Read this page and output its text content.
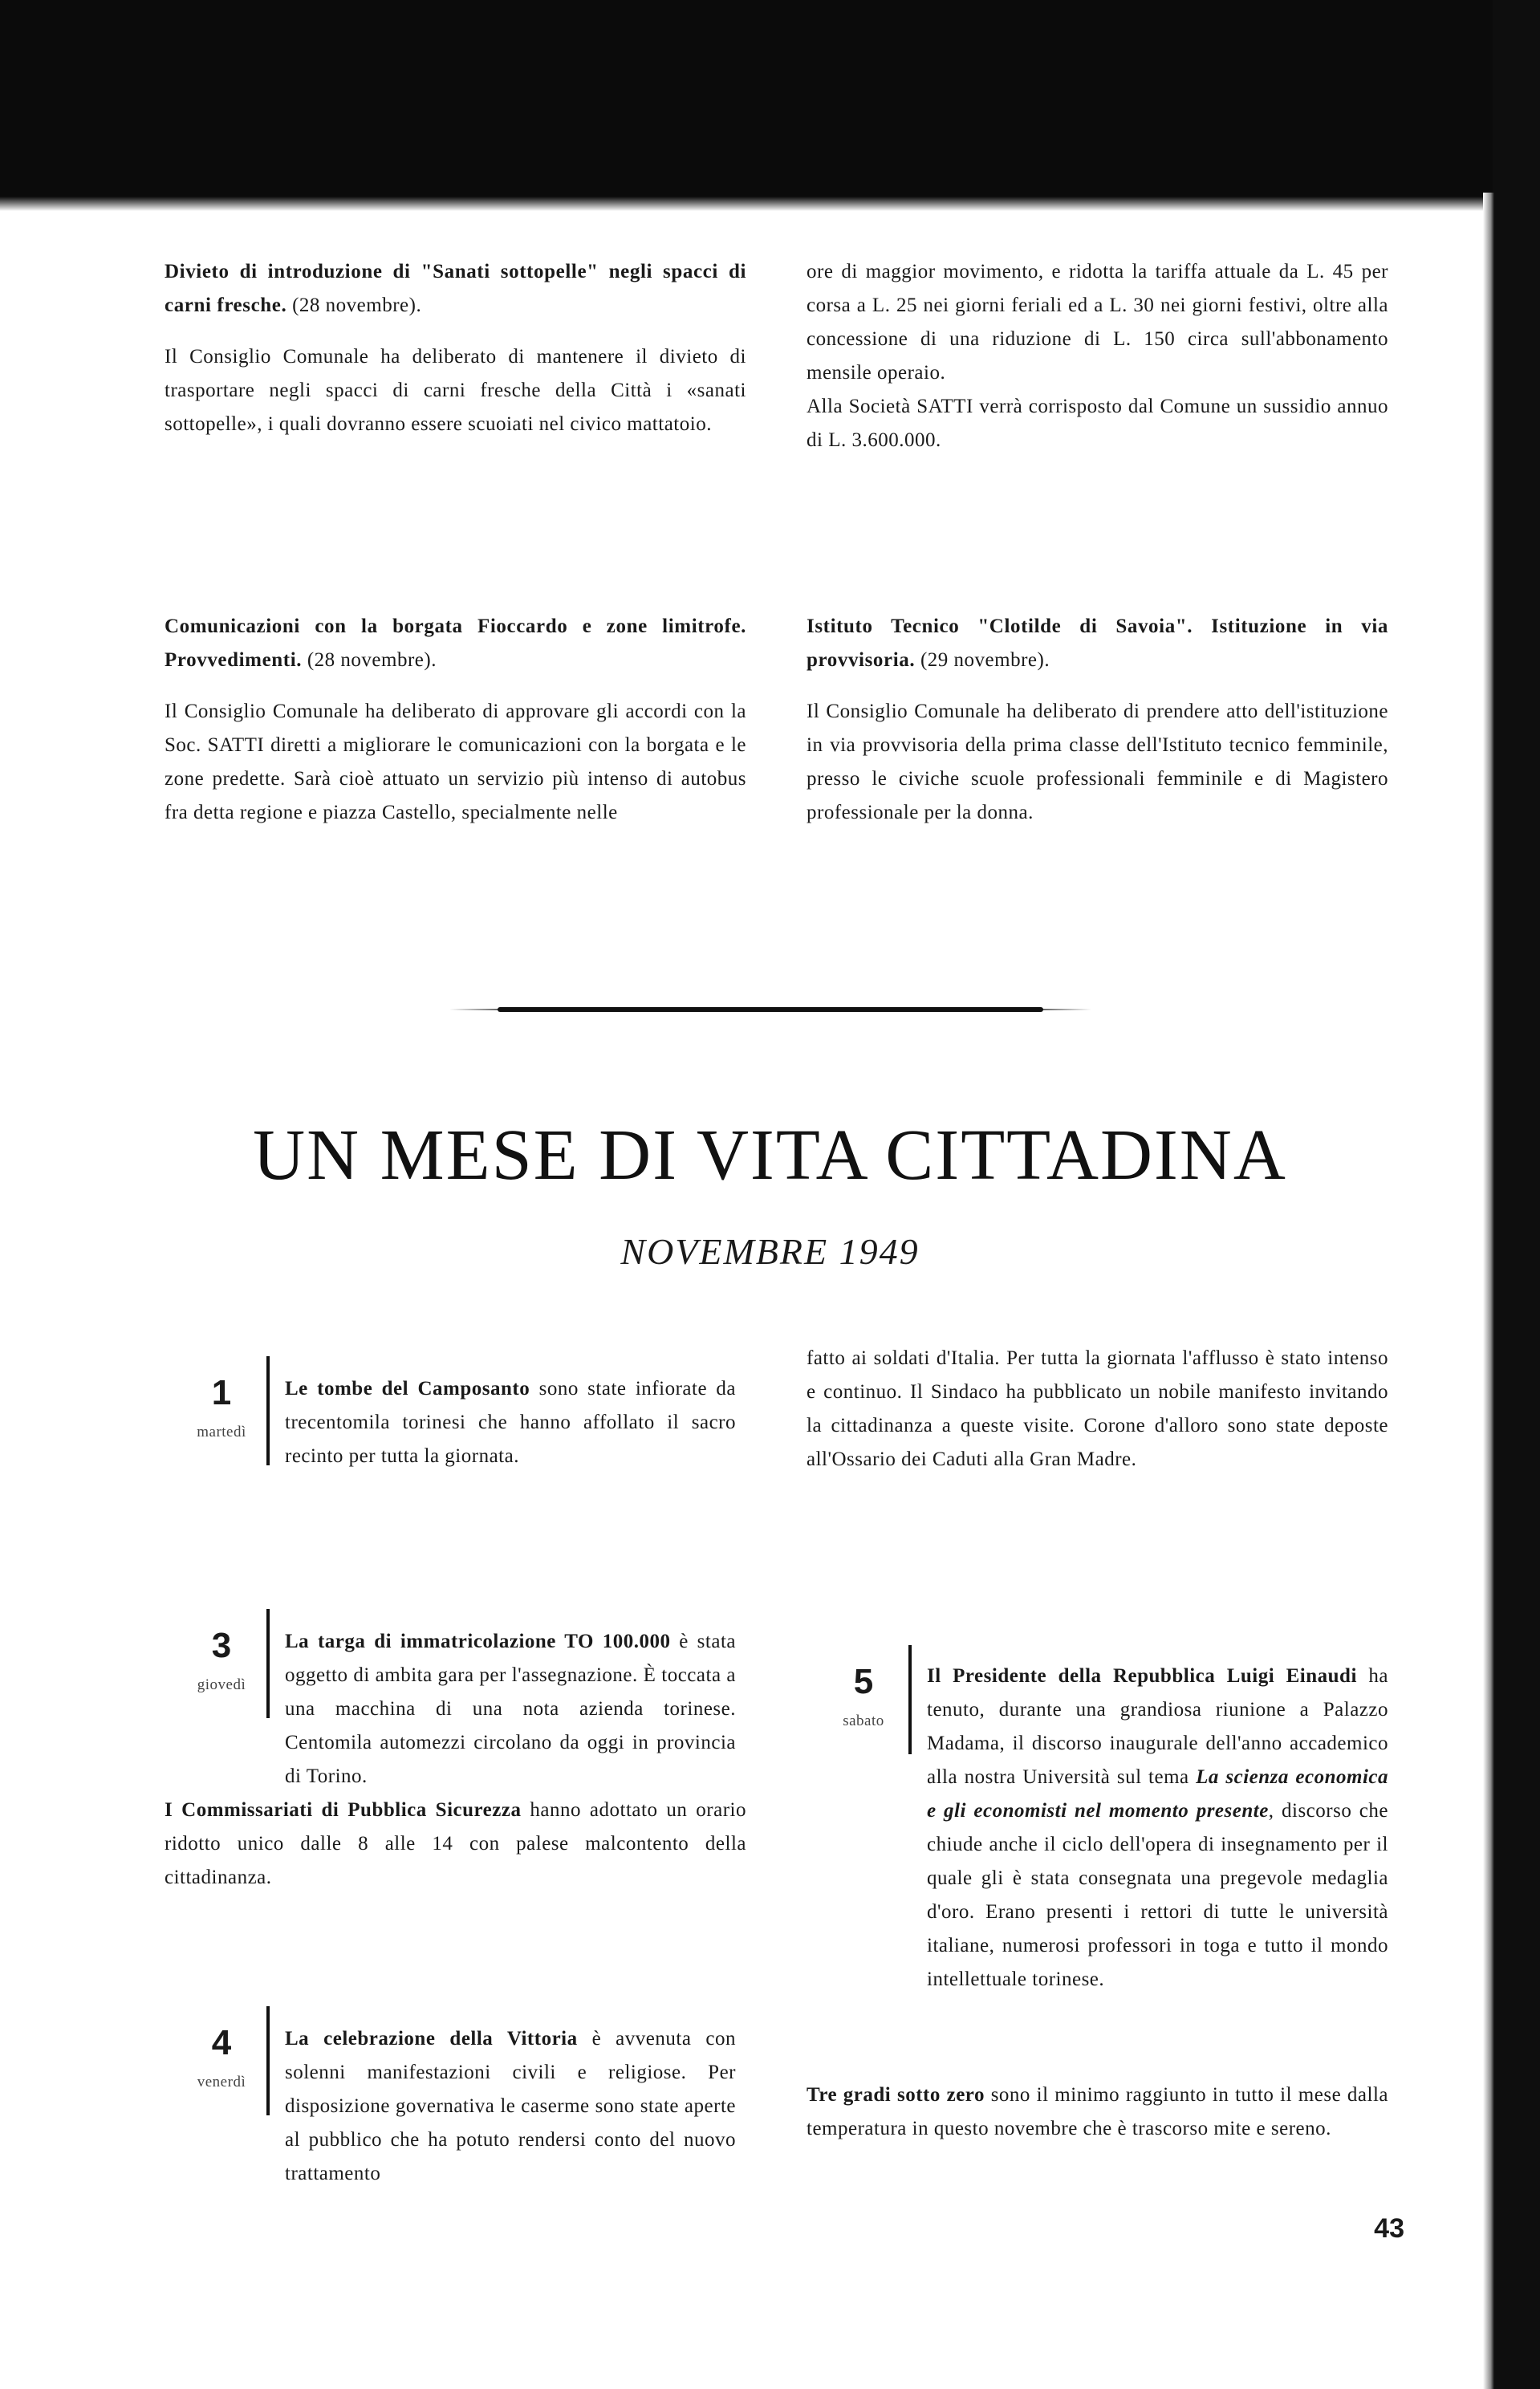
Divieto di introduzione di "Sanati sottopelle" negli spacci di carni fresche. (28 novembre).

Il Consiglio Comunale ha deliberato di mantenere il divieto di trasportare negli spacci di carni fresche della Città i «sanati sottopelle», i quali dovranno essere scuoiati nel civico mattatoio.

ore di maggior movimento, e ridotta la tariffa attuale da L. 45 per corsa a L. 25 nei giorni feriali ed a L. 30 nei giorni festivi, oltre alla concessione di una riduzione di L. 150 circa sull'abbonamento mensile operaio.

Alla Società SATTI verrà corrisposto dal Comune un sussidio annuo di L. 3.600.000.

Comunicazioni con la borgata Fioccardo e zone limitrofe. Provvedimenti. (28 novembre).

Il Consiglio Comunale ha deliberato di approvare gli accordi con la Soc. SATTI diretti a migliorare le comunicazioni con la borgata e le zone predette. Sarà cioè attuato un servizio più intenso di autobus fra detta regione e piazza Castello, specialmente nelle

Istituto Tecnico "Clotilde di Savoia". Istituzione in via provvisoria. (29 novembre).

Il Consiglio Comunale ha deliberato di prendere atto dell'istituzione in via provvisoria della prima classe dell'Istituto tecnico femminile, presso le civiche scuole professionali femminile e di Magistero professionale per la donna.

UN MESE DI VITA CITTADINA
NOVEMBRE 1949
1
martedì

Le tombe del Camposanto sono state infiorate da trecentomila torinesi che hanno affollato il sacro recinto per tutta la giornata.

fatto ai soldati d'Italia. Per tutta la giornata l'afflusso è stato intenso e continuo. Il Sindaco ha pubblicato un nobile manifesto invitando la cittadinanza a queste visite. Corone d'alloro sono state deposte all'Ossario dei Caduti alla Gran Madre.

3
giovedì

La targa di immatricolazione TO 100.000 è stata oggetto di ambita gara per l'assegnazione. È toccata a una macchina di una nota azienda torinese. Centomila automezzi circolano da oggi in provincia di Torino.

I Commissariati di Pubblica Sicurezza hanno adottato un orario ridotto unico dalle 8 alle 14 con palese malcontento della cittadinanza.

5
sabato

Il Presidente della Repubblica Luigi Einaudi ha tenuto, durante una grandiosa riunione a Palazzo Madama, il discorso inaugurale dell'anno accademico alla nostra Università sul tema La scienza economica e gli economisti nel momento presente, discorso che chiude anche il ciclo dell'opera di insegnamento per il quale gli è stata consegnata una pregevole medaglia d'oro. Erano presenti i rettori di tutte le università italiane, numerosi professori in toga e tutto il mondo intellettuale torinese.

4
venerdì

La celebrazione della Vittoria è avvenuta con solenni manifestazioni civili e religiose. Per disposizione governativa le caserme sono state aperte al pubblico che ha potuto rendersi conto del nuovo trattamento

Tre gradi sotto zero sono il minimo raggiunto in tutto il mese dalla temperatura in questo novembre che è trascorso mite e sereno.

43
